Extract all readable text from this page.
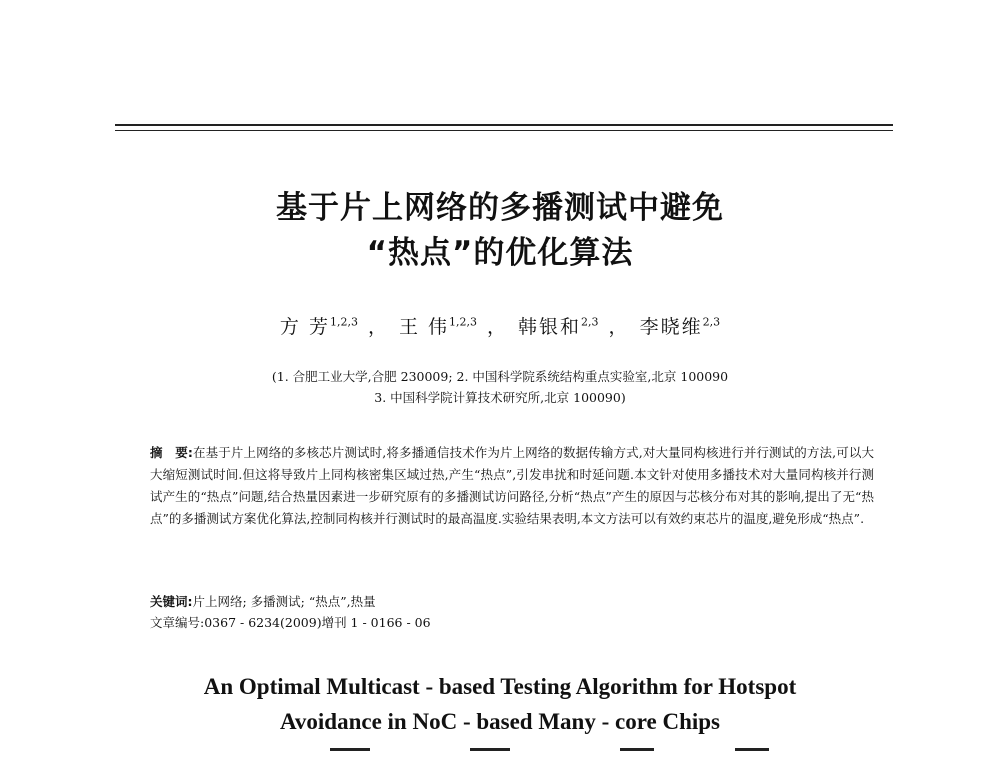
基于片上网络的多播测试中避免
“热点”的优化算法
方 芳$^{1,2,3}$ ， 王 伟$^{1,2,3}$ ， 韩银和$^{2,3}$ ， 李晓维$^{2,3}$
(1. 合肥工业大学,合肥 230009; 2. 中国科学院系统结构重点实验室,北京 100090
3. 中国科学院计算技术研究所,北京 100090)
摘　要:在基于片上网络的多核芯片测试时,将多播通信技术作为片上网络的数据传输方式,对大量同构核进行并行测试的方法,可以大大缩短测试时间.但这将导致片上同构核密集区域过热,产生“热点”,引发串扰和时延问题.本文针对使用多播技术对大量同构核并行测试产生的“热点”问题,结合热量因素进一步研究原有的多播测试访问路径,分析“热点”产生的原因与芯核分布对其的影响,提出了无“热点”的多播测试方案优化算法,控制同构核并行测试时的最高温度.实验结果表明,本文方法可以有效约束芯片的温度,避免形成“热点”.
关键词:片上网络; 多播测试; “热点”,热量
文章编号:0367 - 6234(2009)增刊 1 - 0166 - 06
An Optimal Multicast - based Testing Algorithm for Hotspot
Avoidance in NoC - based Many - core Chips
